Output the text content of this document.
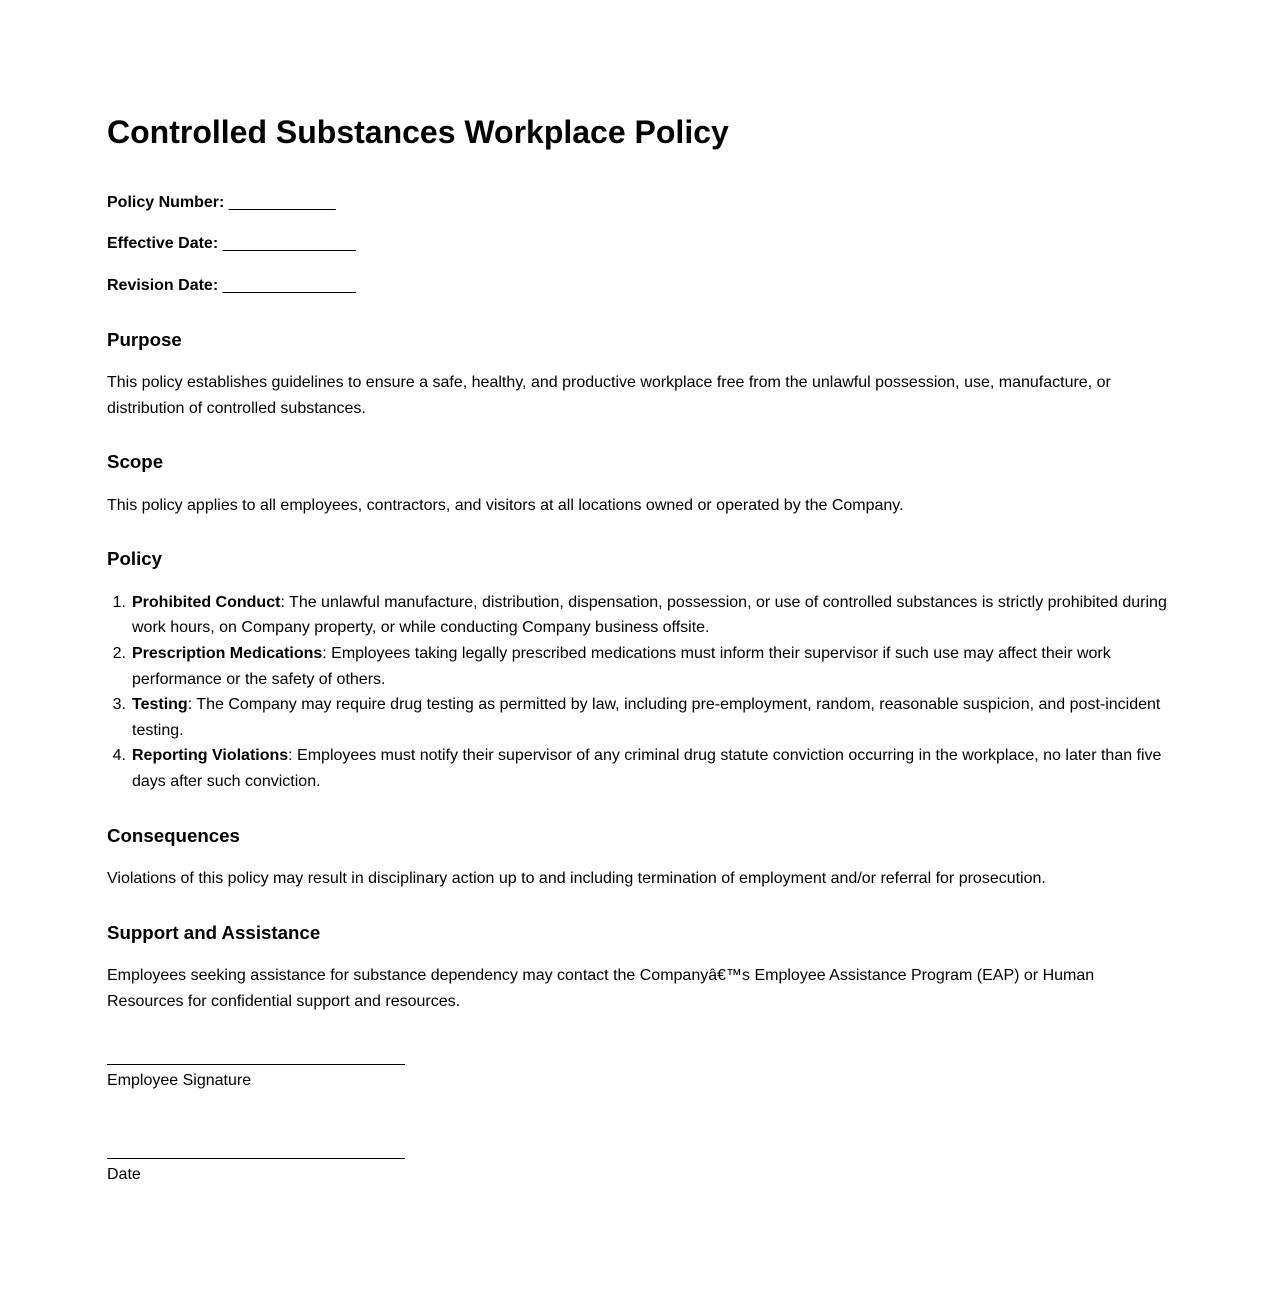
Controlled Substances Workplace Policy

Policy Number: ____________

Effective Date: _______________

Revision Date: _______________

Purpose

This policy establishes guidelines to ensure a safe, healthy, and productive workplace free from the unlawful possession, use, manufacture, or distribution of controlled substances.

Scope

This policy applies to all employees, contractors, and visitors at all locations owned or operated by the Company.

Policy
1. Prohibited Conduct: The unlawful manufacture, distribution, dispensation, possession, or use of controlled substances is strictly prohibited during work hours, on Company property, or while conducting Company business offsite.
2. Prescription Medications: Employees taking legally prescribed medications must inform their supervisor if such use may affect their work performance or the safety of others.
3. Testing: The Company may require drug testing as permitted by law, including pre-employment, random, reasonable suspicion, and post-incident testing.
4. Reporting Violations: Employees must notify their supervisor of any criminal drug statute conviction occurring in the workplace, no later than five days after such conviction.
Consequences

Violations of this policy may result in disciplinary action up to and including termination of employment and/or referral for prosecution.

Support and Assistance

Employees seeking assistance for substance dependency may contact the Companyâ€™s Employee Assistance Program (EAP) or Human Resources for confidential support and resources.

Employee Signature

Date
